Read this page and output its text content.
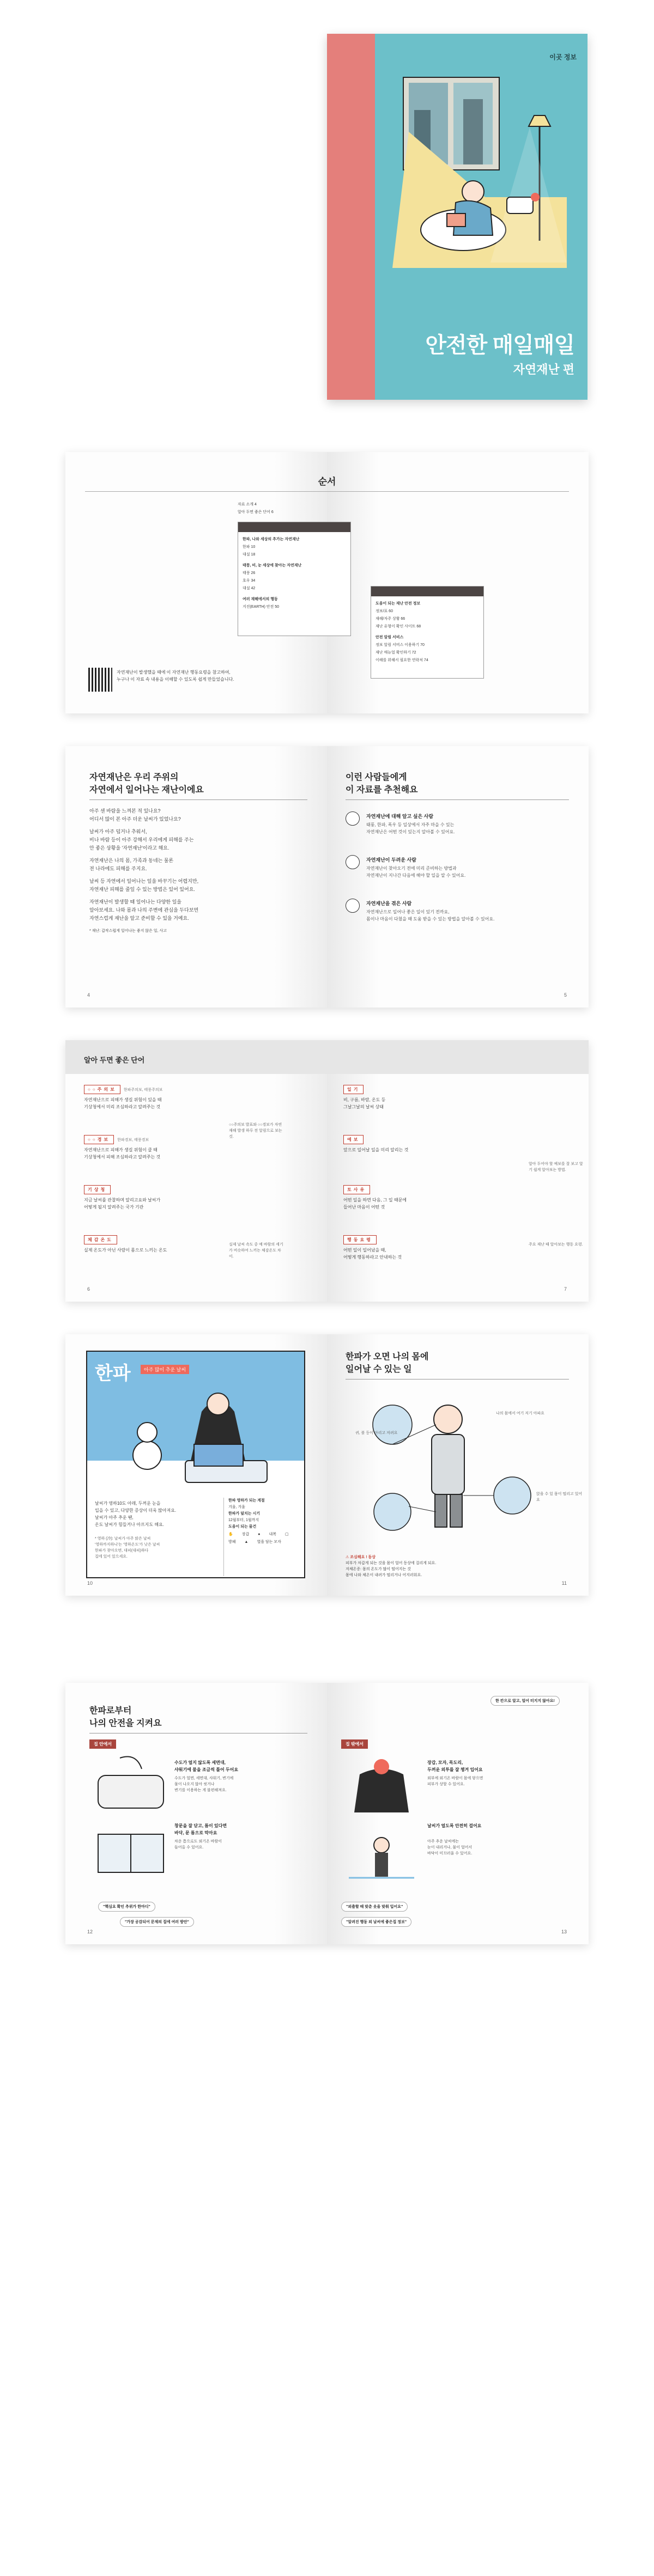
이곳 정보
안전한 매일매일
자연재난 편
자연재난이 발생했을 때에 이 자연재난 행동요령을 참고하여,
누구나 이 자료 속 내용을 이해할 수 있도록 쉽게 만들었습니다.
순서
자료 소개 4
알아 두면 좋은 단어 6
한파, 나와 세상의 추가는 자연재난
한파 10
대설 18
태풍, 비, 눈 세상에 찾아는 자연재난
태풍 26
호우 34
대설 42
여러 재해에서의 행동
지진(EARTH) 안전 50
도움이 되는 재난 안전 정보
정보/표 60
재해/자주 상황 66
재난 유형이 확인 사이트 68
안전 알림 서비스
정보 알림 서비스 이용하기 70
재난 매뉴얼 확인하기 72
이해를 위해서 필요한 연락처 74
자연재난은 우리 주위의
자연에서 일어나는 재난이에요
아주 센 바람을 느껴본 적 있나요?
어디서 많이 본 아주 더운 날씨가 있었나요?
날씨가 아주 덥거나 추워서,
비나 바람 등이 아주 강해서 우리에게 피해를 주는
안 좋은 상황을 '자연재난'이라고 해요.
자연재난은 나의 몸, 가족과 동네는 물론
전 나라에도 피해를 주지요.
날씨 등 자연에서 일어나는 일을 바꾸기는 어렵지만,
자연재난 피해를 줄일 수 있는 방법은 있어 있어요.
자연재난이 발생할 때 일어나는 다양한 일을
알아보세요. 나와 몸과 나의 주변에 관심을 두다보면
자연스럽게 재난을 알고 준비할 수 있을 거예요.
* 재난: 갑작스럽게 일어나는 좋지 않은 일, 사고
4
이런 사람들에게
이 자료를 추천해요
자연재난에 대해 알고 싶은 사람
태풍, 한파, 폭우 등 일상에서 자주 마을 수 있는
자연재난은 어떤 것이 있는지 알아볼 수 있어요.
자연재난이 두려운 사람
자연재난이 찾아오기 전에 미리 준비하는 방법과
자연재난이 지나간 다음에 해야 할 일을 알 수 있어요.
자연재난을 겪은 사람
자연재난으로 일어나 좋은 일이 있기 전까요,
몸이나 마음이 다쳤을 때 도움 받을 수 있는 방법을 알아볼 수 있어요.
5
알아 두면 좋은 단어
○○주의보 한파주의보, 태풍주의보
자연재난으로 피해가 생길 위험이 있을 때
기상청에서 미리 조심하라고 알려주는 것
○○경보 한파경보, 태풍경보
자연재난으로 피해가 생길 위험이 클 때
기상청에서 피해 조심하라고 알려주는 것
기상청
지금 날씨를 관찰하며 알리고요와 날씨가
어떻게 될지 알려주는 국가 기관
체감온도
실제 온도가 아닌 사람이 몸으로 느끼는 온도
○○주의보 발표와 ○○경보가 자연재해 발생 하루 전 알림으로 보는 것.
실제 날씨 속도 중 예 바람의 세기가 비슷하여 느끼는 체감온도 차이.
6
일기
비, 구름, 바람, 온도 등
그날그날의 날씨 상태
예보
앞으로 일어날 일을 미리 알리는 것
토사유
어떤 일을 하면 다음, 그 일 때문에
들어난 마음이 어떤 것
행동요령
어떤 일이 일어났을 때,
어떻게 행동하라고 안내하는 것
알아 두어야 할 예보를 잘 보고 알기 쉽게 알아보는 방법.
주요 재난 때 알아보는 행동 요령.
7
한파	아주 많이 추운 날씨
날씨가 영하10도 아래, 두꺼운 눈을
입을 수 있고, 다양한 증상이 더욱 많아져요.
날씨가 아주 추운 땐,
온도 날씨가 힘들거나 아프지도 해요.
* 영하 (冷): 날씨가 아주 맑은 날씨
'영하까지하니'는 '영하온도'가 낮은 날씨
한파가 찾아오면, 대피(대피)하다
집에 있어 있으세요.
한파 영하가 되는 계절
겨울, 겨울
한파가 덮치는 시기
12월부터, 1월까지
도움이 되는 물건
✋ 장갑 ● 내복 ▢
방패 ▲ 열을 담는 모자
10
한파가 오면 나의 몸에
일어날 수 있는 일
귀, 볼 등이 아리고 저려요
나의 몸에서 여기 저기 아파요
앉을 수 있 몸이 떨리고 있어요
⚠ 조심해요 ! 동상
피부가 차갑게 되는 것을 몸이 얼어 동상에 걸리게 되요.
저체온증: 몸의 온도가 많이 떨어지는 것
몸에 나와 체온이 내려가 떨리거나 어지러워요.
11
한파로부터
나의 안전을 지켜요
집 안에서
수도가 얼지 않도록 세면대,
샤워기에 물을 조금씩 틀어 두어요
수도가 얼면, 세면대, 샤워기, 변기에
물이 나오지 않아 씻거나
변기를 이용하는 게 불편해져요.
창문을 잘 닫고, 틈이 있다면
바닥, 문 틈으로 막아요
차운 틈으로도 외기온 바람이
들어올 수 있어요.
"핵심요 확인 추위가 한마디"
"가장 공감되어 문제의 집에 여러 방안"
12
한 칸으로 알고, 얼어 터지지 않아요!
집 밖에서
장갑, 모자, 목도리,
두꺼운 외투를 잘 챙겨 입어요
외부에 외기온 바람이 몸에 닿으면
피부가 상할 수 있어요.
날씨가 얼도록 안전히 걸어요
아주 추운 날씨에는
눈이 내리거나, 물이 얼어서
바닥이 미끄러울 수 있어요.
"외출할 때 맞춘 옷을 맞춰 입어요"
"알려진 행동 외 날씨에 좋은집 정보"
13
